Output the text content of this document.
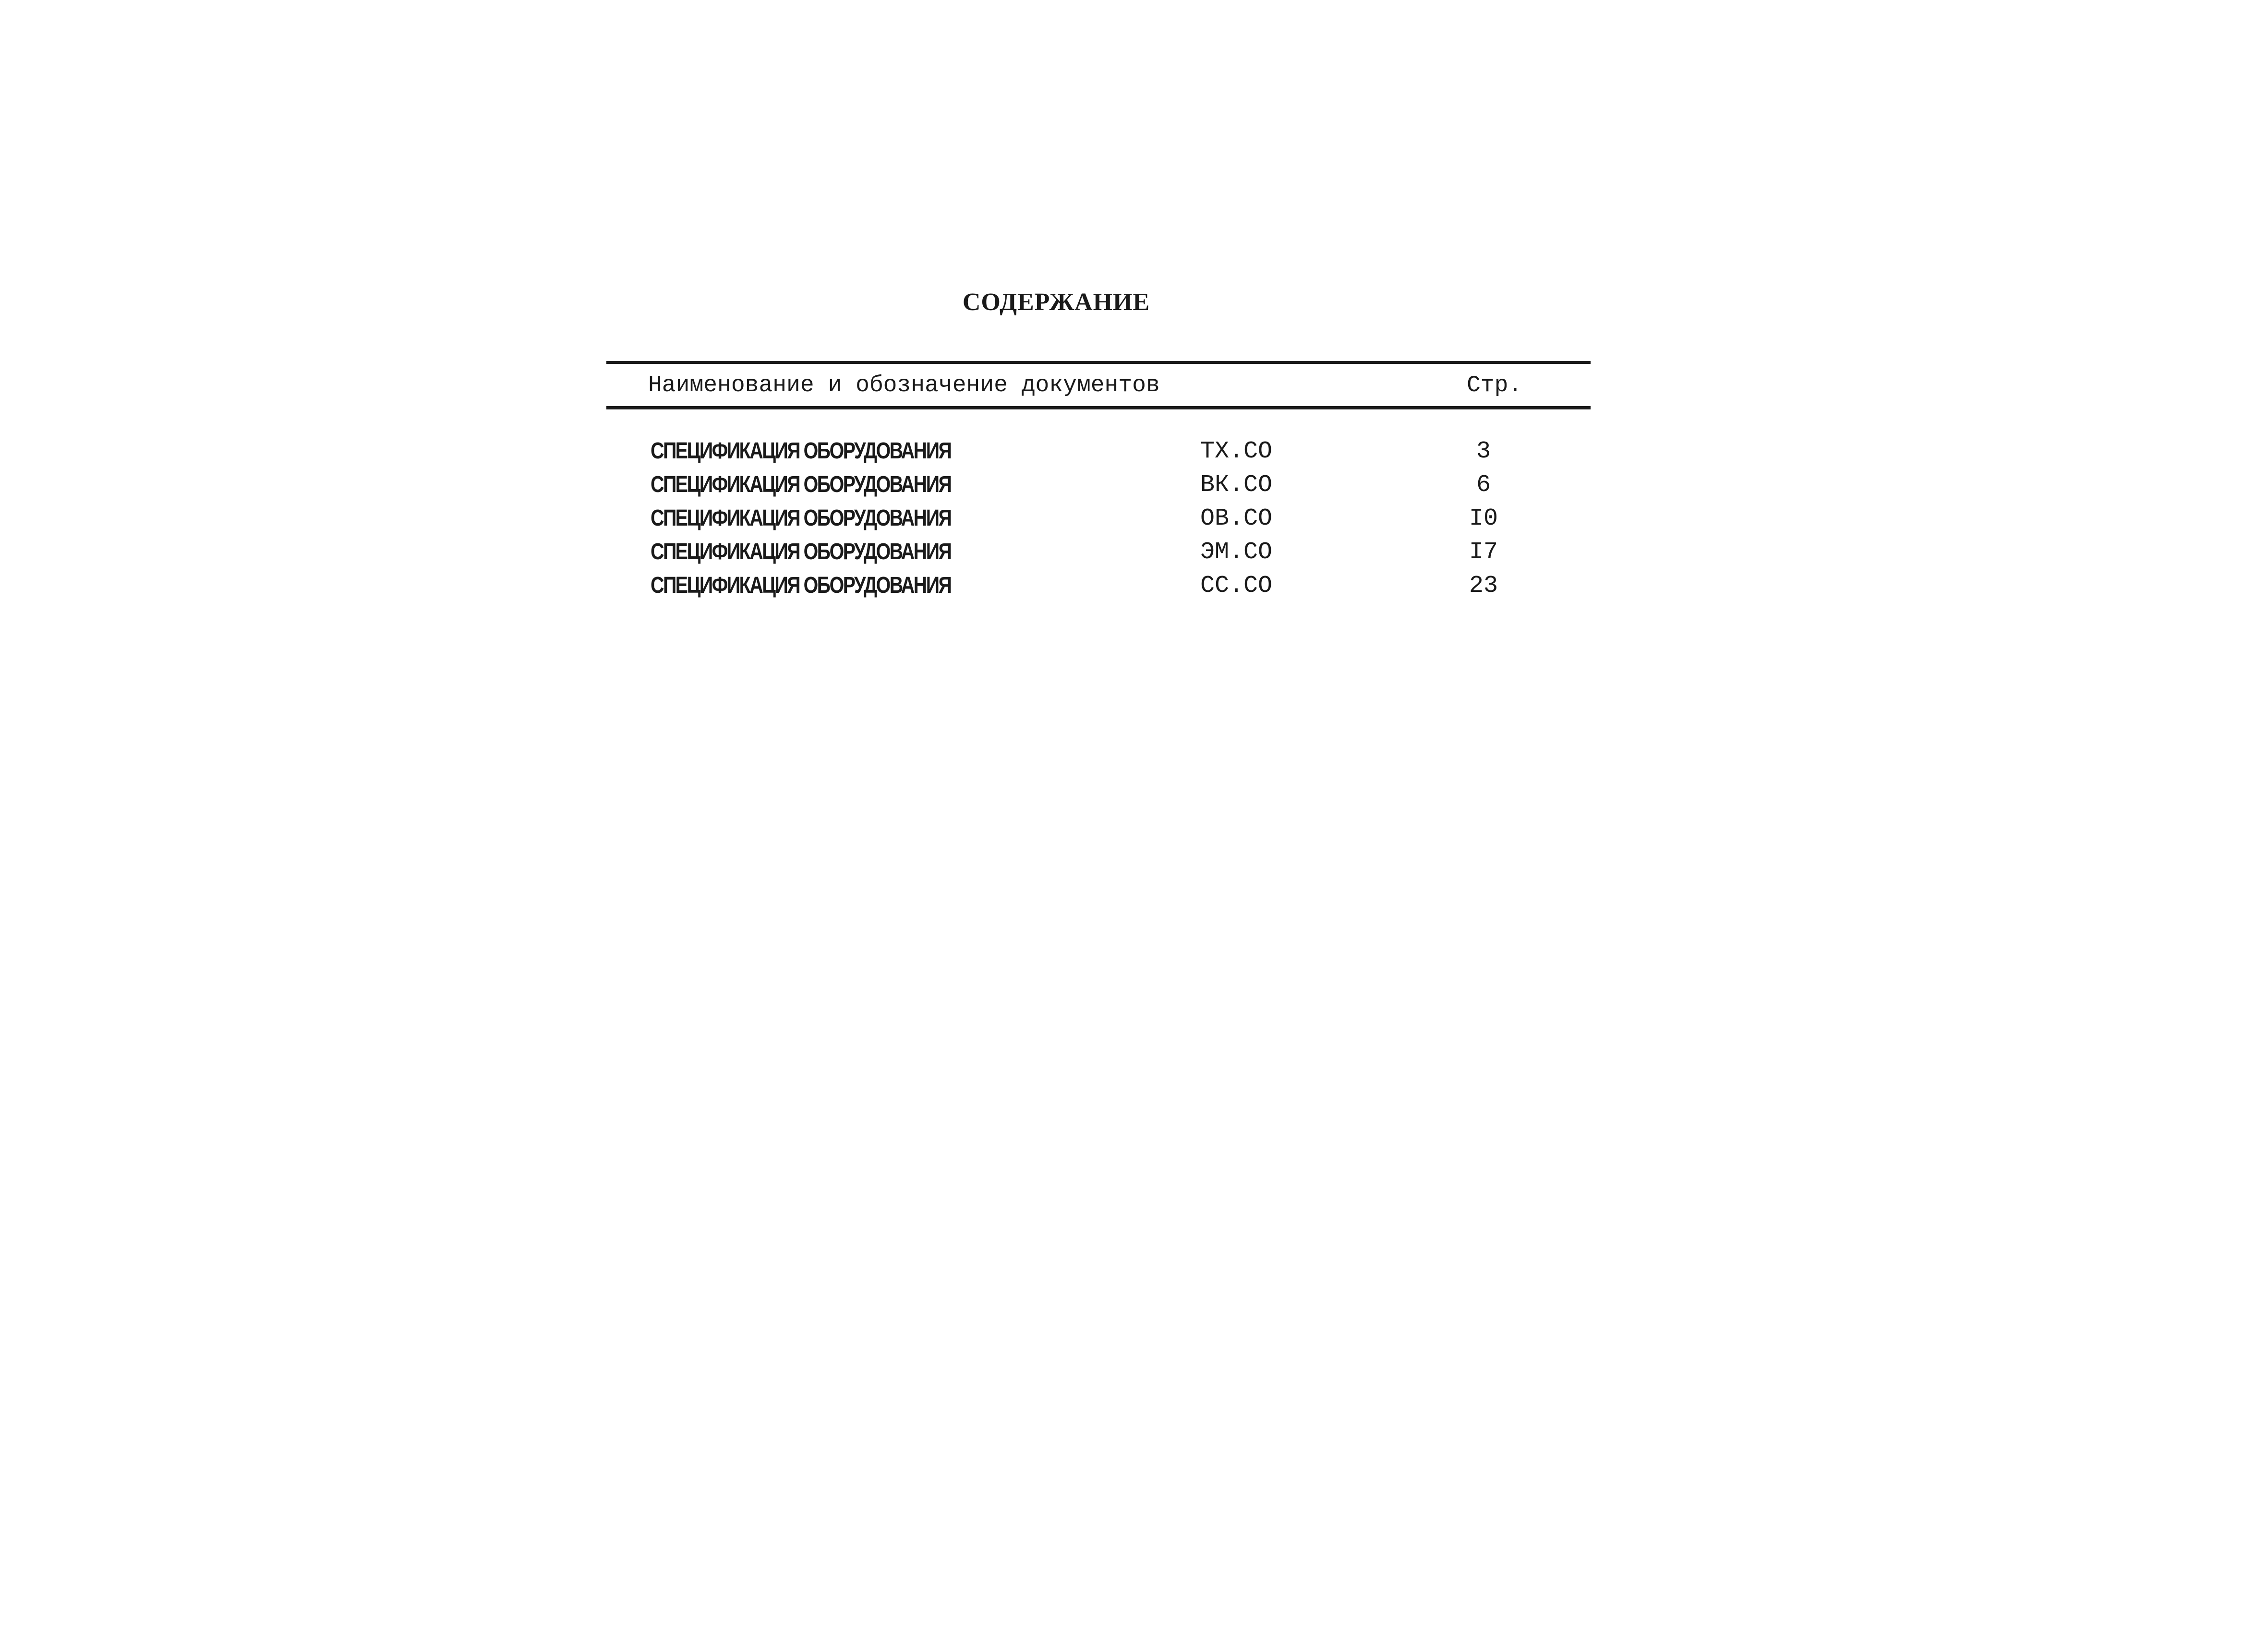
СОДЕРЖАНИЕ
Наименование и обозначение документов	Стр.
СПЕЦИФИКАЦИЯ ОБОРУДОВАНИЯ	ТХ.СО	3
СПЕЦИФИКАЦИЯ ОБОРУДОВАНИЯ	ВК.СО	6
СПЕЦИФИКАЦИЯ ОБОРУДОВАНИЯ	ОВ.СО	I0
СПЕЦИФИКАЦИЯ ОБОРУДОВАНИЯ	ЭМ.СО	I7
СПЕЦИФИКАЦИЯ ОБОРУДОВАНИЯ	СС.СО	23
